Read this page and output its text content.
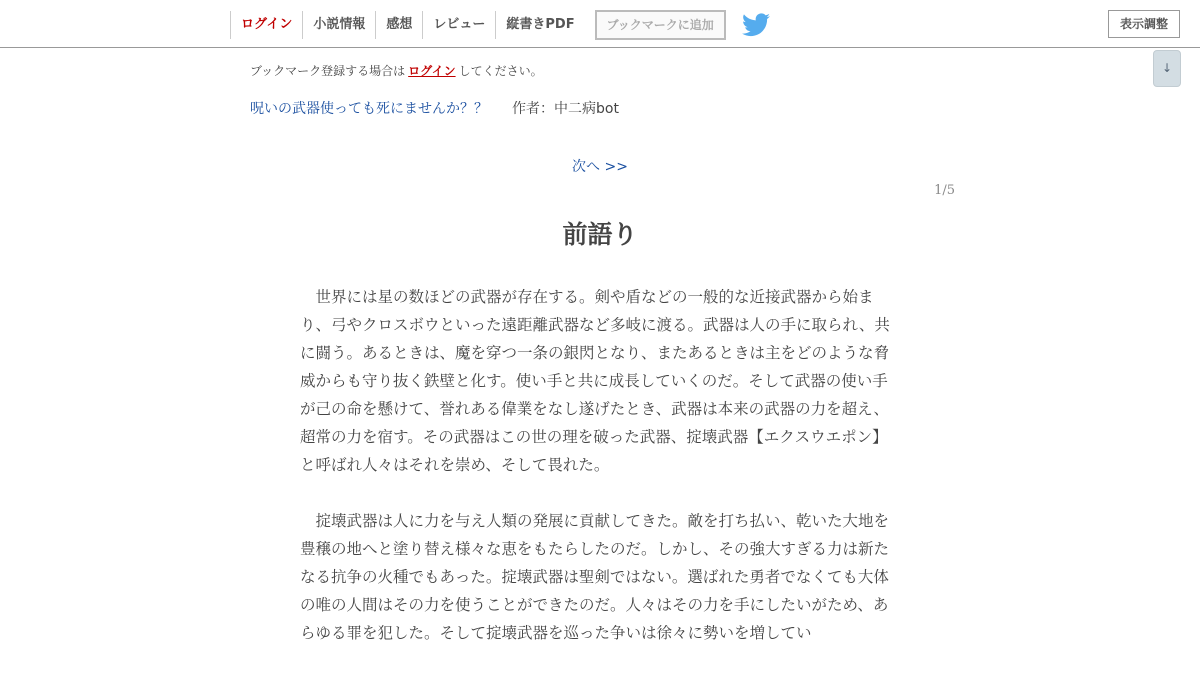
ログイン	小説情報	感想	レビュー	縦書きPDF	ブックマークに追加	表示調整
↓
ブックマーク登録する場合は ログイン してください。
呪いの武器使っても死にませんか？？ 作者：中二病bot
次へ >>
1/5
前語り

世界には星の数ほどの武器が存在する。剣や盾などの一般的な近接武器から始まり、弓やクロスボウといった遠距離武器など多岐に渡る。武器は人の手に取られ、共に闘う。あるときは、魔を穿つ一条の銀閃となり、またあるときは主をどのような脅威からも守り抜く鉄壁と化す。使い手と共に成長していくのだ。そして武器の使い手が己の命を懸けて、誉れある偉業をなし遂げたとき、武器は本来の武器の力を超え、超常の力を宿す。その武器はこの世の理を破った武器、掟壊武器【エクスウエポン】と呼ばれ人々はそれを崇め、そして畏れた。

掟壊武器は人に力を与え人類の発展に貢献してきた。敵を打ち払い、乾いた大地を豊穣の地へと塗り替え様々な恵をもたらしたのだ。しかし、その強大すぎる力は新たなる抗争の火種でもあった。掟壊武器は聖剣ではない。選ばれた勇者でなくても大体の唯の人間はその力を使うことができたのだ。人々はその力を手にしたいがため、あらゆる罪を犯した。そして掟壊武器を巡った争いは徐々に勢いを増してい
